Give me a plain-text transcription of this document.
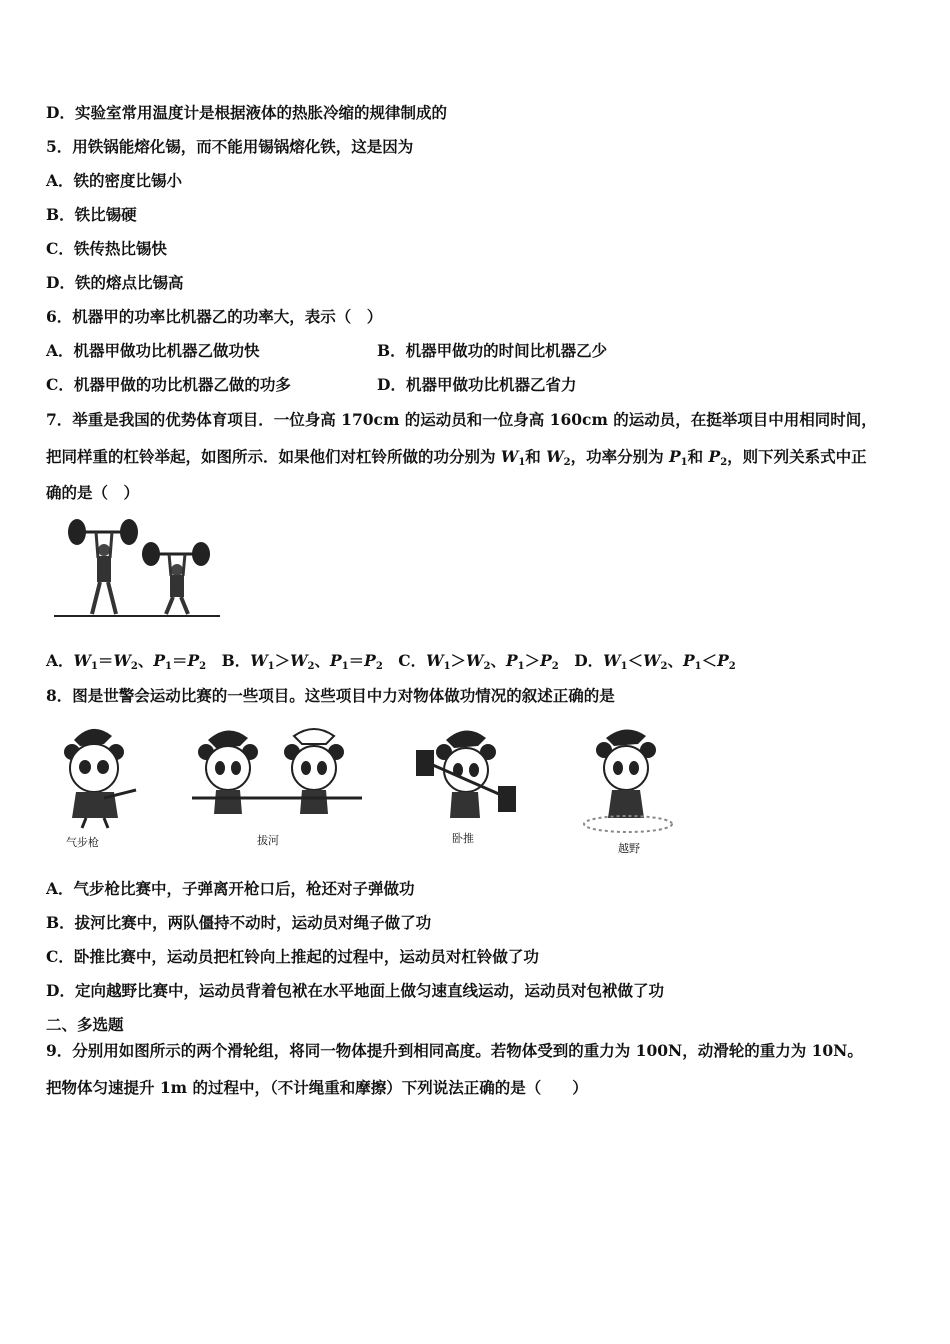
D．实验室常用温度计是根据液体的热胀冷缩的规律制成的
5．用铁锅能熔化锡，而不能用锡锅熔化铁，这是因为
A．铁的密度比锡小
B．铁比锡硬
C．铁传热比锡快
D．铁的熔点比锡高
6．机器甲的功率比机器乙的功率大，表示（　）
A．机器甲做功比机器乙做功快	B．机器甲做功的时间比机器乙少
C．机器甲做的功比机器乙做的功多	D．机器甲做功比机器乙省力
7．举重是我国的优势体育项目．一位身高 170cm 的运动员和一位身高 160cm 的运动员，在挺举项目中用相同时间，
把同样重的杠铃举起，如图所示．如果他们对杠铃所做的功分别为 $W_1$和 $W_2$，功率分别为 $P_1$和 $P_2$，则下列关系式中正
确的是（　）
A．$W_1=W_2$、$P_1=P_2$  B．$W_1>W_2$、$P_1=P_2$  C．$W_1>W_2$、$P_1>P_2$  D．$W_1<W_2$、$P_1<P_2$
8．图是世警会运动比赛的一些项目。这些项目中力对物体做功情况的叙述正确的是
气步枪	拔河	卧推
越野
A．气步枪比赛中，子弹离开枪口后，枪还对子弹做功
B．拔河比赛中，两队僵持不动时，运动员对绳子做了功
C．卧推比赛中，运动员把杠铃向上推起的过程中，运动员对杠铃做了功
D．定向越野比赛中，运动员背着包袱在水平地面上做匀速直线运动，运动员对包袱做了功
二、多选题
9．分别用如图所示的两个滑轮组，将同一物体提升到相同高度。若物体受到的重力为 100N，动滑轮的重力为 10N。
把物体匀速提升 1m 的过程中，（不计绳重和摩擦）下列说法正确的是（　　）
